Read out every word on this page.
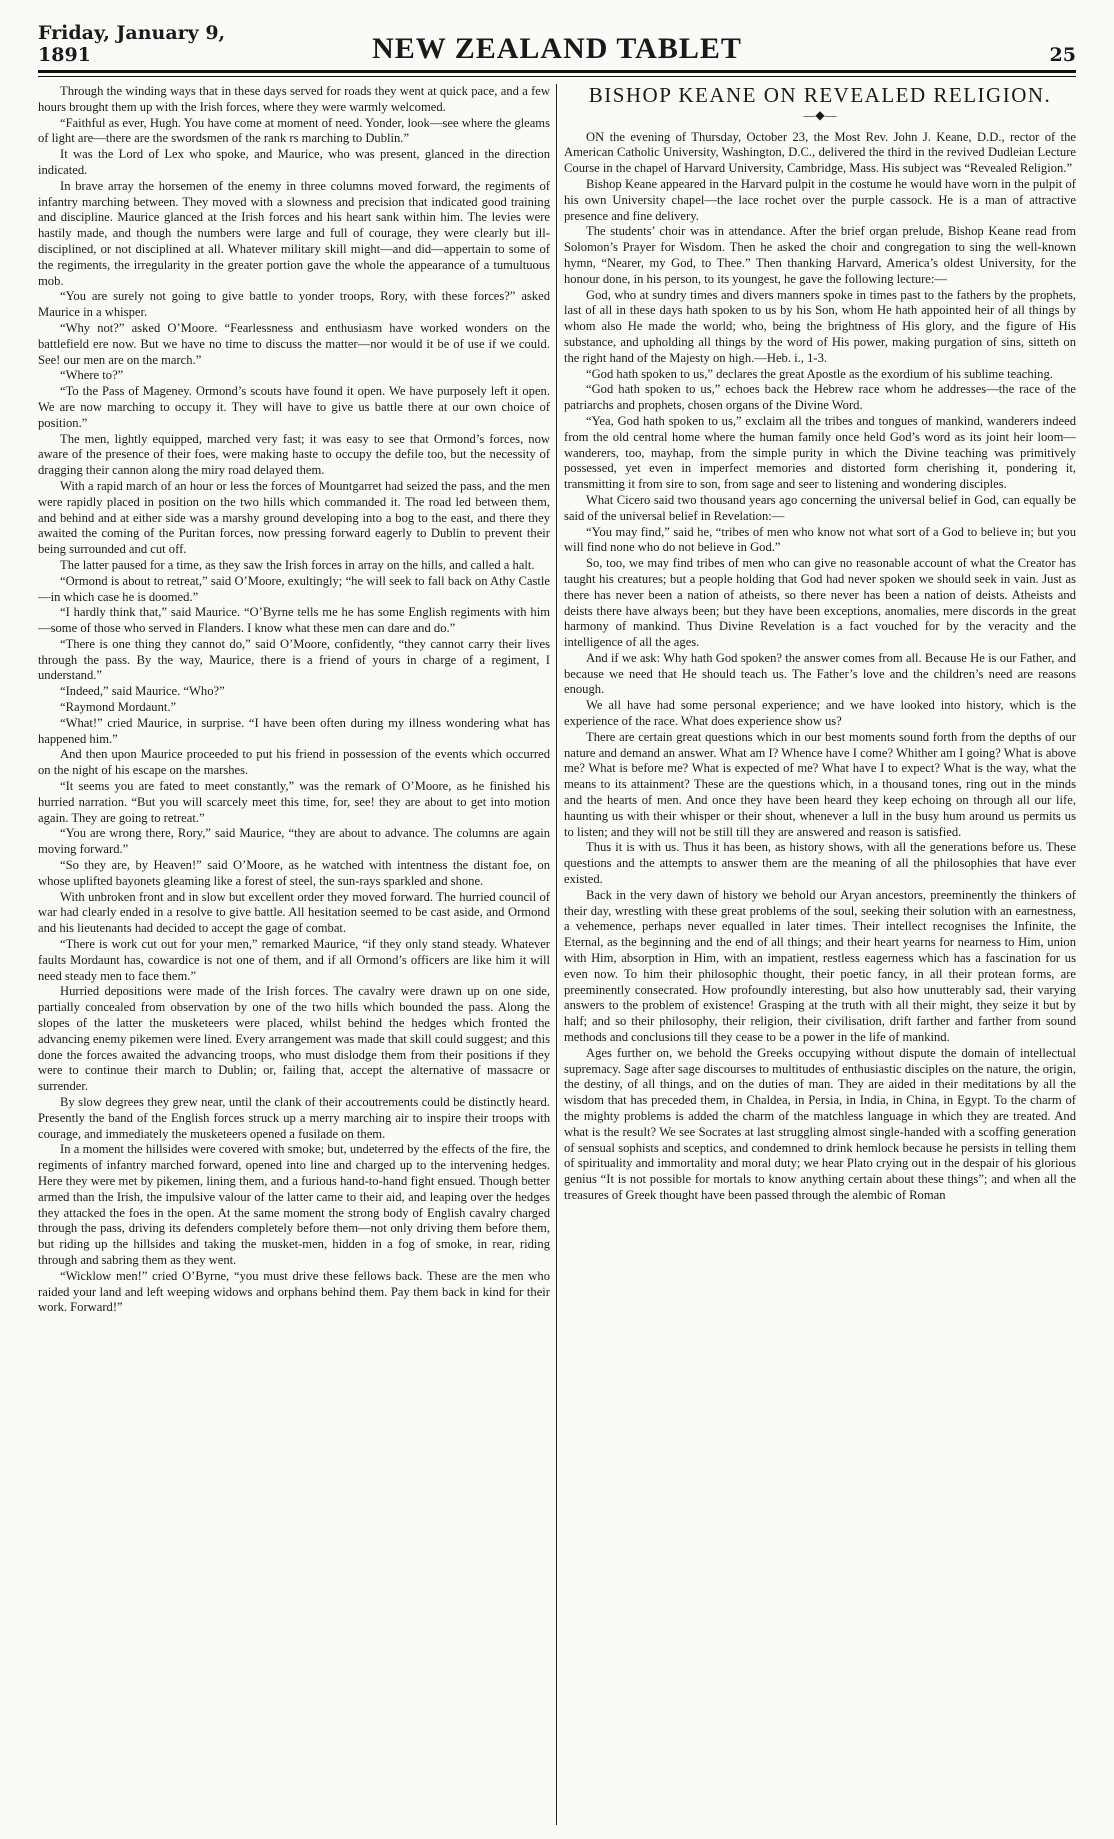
Friday, January 9, 1891	NEW ZEALAND TABLET	25

Through the winding ways that in these days served for roads they went at quick pace, and a few hours brought them up with the Irish forces, where they were warmly welcomed.

“Faithful as ever, Hugh. You have come at moment of need. Yonder, look—see where the gleams of light are—there are the swordsmen of the rank rs marching to Dublin.”

It was the Lord of Lex who spoke, and Maurice, who was present, glanced in the direction indicated.

In brave array the horsemen of the enemy in three columns moved forward, the regiments of infantry marching between. They moved with a slowness and precision that indicated good training and discipline. Maurice glanced at the Irish forces and his heart sank within him. The levies were hastily made, and though the numbers were large and full of courage, they were clearly but ill-disciplined, or not disciplined at all. Whatever military skill might—and did—appertain to some of the regiments, the irregularity in the greater portion gave the whole the appearance of a tumultuous mob.

“You are surely not going to give battle to yonder troops, Rory, with these forces?” asked Maurice in a whisper.

“Why not?” asked O’Moore. “Fearlessness and enthusiasm have worked wonders on the battlefield ere now. But we have no time to discuss the matter—nor would it be of use if we could. See! our men are on the march.”

“Where to?”

“To the Pass of Mageney. Ormond’s scouts have found it open. We have purposely left it open. We are now marching to occupy it. They will have to give us battle there at our own choice of position.”

The men, lightly equipped, marched very fast; it was easy to see that Ormond’s forces, now aware of the presence of their foes, were making haste to occupy the defile too, but the necessity of dragging their cannon along the miry road delayed them.

With a rapid march of an hour or less the forces of Mountgarret had seized the pass, and the men were rapidly placed in position on the two hills which commanded it. The road led between them, and behind and at either side was a marshy ground developing into a bog to the east, and there they awaited the coming of the Puritan forces, now pressing forward eagerly to Dublin to prevent their being surrounded and cut off.

The latter paused for a time, as they saw the Irish forces in array on the hills, and called a halt.

“Ormond is about to retreat,” said O’Moore, exultingly; “he will seek to fall back on Athy Castle—in which case he is doomed.”

“I hardly think that,” said Maurice. “O’Byrne tells me he has some English regiments with him—some of those who served in Flanders. I know what these men can dare and do.”

“There is one thing they cannot do,” said O’Moore, confidently, “they cannot carry their lives through the pass. By the way, Maurice, there is a friend of yours in charge of a regiment, I understand.”

“Indeed,” said Maurice. “Who?”

“Raymond Mordaunt.”

“What!” cried Maurice, in surprise. “I have been often during my illness wondering what has happened him.”

And then upon Maurice proceeded to put his friend in possession of the events which occurred on the night of his escape on the marshes.

“It seems you are fated to meet constantly,” was the remark of O’Moore, as he finished his hurried narration. “But you will scarcely meet this time, for, see! they are about to get into motion again. They are going to retreat.”

“You are wrong there, Rory,” said Maurice, “they are about to advance. The columns are again moving forward.”

“So they are, by Heaven!” said O’Moore, as he watched with intentness the distant foe, on whose uplifted bayonets gleaming like a forest of steel, the sun-rays sparkled and shone.

With unbroken front and in slow but excellent order they moved forward. The hurried council of war had clearly ended in a resolve to give battle. All hesitation seemed to be cast aside, and Ormond and his lieutenants had decided to accept the gage of combat.

“There is work cut out for your men,” remarked Maurice, “if they only stand steady. Whatever faults Mordaunt has, cowardice is not one of them, and if all Ormond’s officers are like him it will need steady men to face them.”

Hurried depositions were made of the Irish forces. The cavalry were drawn up on one side, partially concealed from observation by one of the two hills which bounded the pass. Along the slopes of the latter the musketeers were placed, whilst behind the hedges which fronted the advancing enemy pikemen were lined. Every arrangement was made that skill could suggest; and this done the forces awaited the advancing troops, who must dislodge them from their positions if they were to continue their march to Dublin; or, failing that, accept the alternative of massacre or surrender.

By slow degrees they grew near, until the clank of their accoutrements could be distinctly heard. Presently the band of the English forces struck up a merry marching air to inspire their troops with courage, and immediately the musketeers opened a fusilade on them.

In a moment the hillsides were covered with smoke; but, undeterred by the effects of the fire, the regiments of infantry marched forward, opened into line and charged up to the intervening hedges. Here they were met by pikemen, lining them, and a furious hand-to-hand fight ensued. Though better armed than the Irish, the impulsive valour of the latter came to their aid, and leaping over the hedges they attacked the foes in the open. At the same moment the strong body of English cavalry charged through the pass, driving its defenders completely before them—not only driving them before them, but riding up the hillsides and taking the musket-men, hidden in a fog of smoke, in rear, riding through and sabring them as they went.

“Wicklow men!” cried O’Byrne, “you must drive these fellows back. These are the men who raided your land and left weeping widows and orphans behind them. Pay them back in kind for their work. Forward!”

BISHOP KEANE ON REVEALED RELIGION.
—◆—

ON the evening of Thursday, October 23, the Most Rev. John J. Keane, D.D., rector of the American Catholic University, Washington, D.C., delivered the third in the revived Dudleian Lecture Course in the chapel of Harvard University, Cambridge, Mass. His subject was “Revealed Religion.”

Bishop Keane appeared in the Harvard pulpit in the costume he would have worn in the pulpit of his own University chapel—the lace rochet over the purple cassock. He is a man of attractive presence and fine delivery.

The students’ choir was in attendance. After the brief organ prelude, Bishop Keane read from Solomon’s Prayer for Wisdom. Then he asked the choir and congregation to sing the well-known hymn, “Nearer, my God, to Thee.” Then thanking Harvard, America’s oldest University, for the honour done, in his person, to its youngest, he gave the following lecture:—

God, who at sundry times and divers manners spoke in times past to the fathers by the prophets, last of all in these days hath spoken to us by his Son, whom He hath appointed heir of all things by whom also He made the world; who, being the brightness of His glory, and the figure of His substance, and upholding all things by the word of His power, making purgation of sins, sitteth on the right hand of the Majesty on high.—Heb. i., 1-3.

“God hath spoken to us,” declares the great Apostle as the exordium of his sublime teaching.

“God hath spoken to us,” echoes back the Hebrew race whom he addresses—the race of the patriarchs and prophets, chosen organs of the Divine Word.

“Yea, God hath spoken to us,” exclaim all the tribes and tongues of mankind, wanderers indeed from the old central home where the human family once held God’s word as its joint heir loom—wanderers, too, mayhap, from the simple purity in which the Divine teaching was primitively possessed, yet even in imperfect memories and distorted form cherishing it, pondering it, transmitting it from sire to son, from sage and seer to listening and wondering disciples.

What Cicero said two thousand years ago concerning the universal belief in God, can equally be said of the universal belief in Revelation:—

“You may find,” said he, “tribes of men who know not what sort of a God to believe in; but you will find none who do not believe in God.”

So, too, we may find tribes of men who can give no reasonable account of what the Creator has taught his creatures; but a people holding that God had never spoken we should seek in vain. Just as there has never been a nation of atheists, so there never has been a nation of deists. Atheists and deists there have always been; but they have been exceptions, anomalies, mere discords in the great harmony of mankind. Thus Divine Revelation is a fact vouched for by the veracity and the intelligence of all the ages.

And if we ask: Why hath God spoken? the answer comes from all. Because He is our Father, and because we need that He should teach us. The Father’s love and the children’s need are reasons enough.

We all have had some personal experience; and we have looked into history, which is the experience of the race. What does experience show us?

There are certain great questions which in our best moments sound forth from the depths of our nature and demand an answer. What am I? Whence have I come? Whither am I going? What is above me? What is before me? What is expected of me? What have I to expect? What is the way, what the means to its attainment? These are the questions which, in a thousand tones, ring out in the minds and the hearts of men. And once they have been heard they keep echoing on through all our life, haunting us with their whisper or their shout, whenever a lull in the busy hum around us permits us to listen; and they will not be still till they are answered and reason is satisfied.

Thus it is with us. Thus it has been, as history shows, with all the generations before us. These questions and the attempts to answer them are the meaning of all the philosophies that have ever existed.

Back in the very dawn of history we behold our Aryan ancestors, preeminently the thinkers of their day, wrestling with these great problems of the soul, seeking their solution with an earnestness, a vehemence, perhaps never equalled in later times. Their intellect recognises the Infinite, the Eternal, as the beginning and the end of all things; and their heart yearns for nearness to Him, union with Him, absorption in Him, with an impatient, restless eagerness which has a fascination for us even now. To him their philosophic thought, their poetic fancy, in all their protean forms, are preeminently consecrated. How profoundly interesting, but also how unutterably sad, their varying answers to the problem of existence! Grasping at the truth with all their might, they seize it but by half; and so their philosophy, their religion, their civilisation, drift farther and farther from sound methods and conclusions till they cease to be a power in the life of mankind.

Ages further on, we behold the Greeks occupying without dispute the domain of intellectual supremacy. Sage after sage discourses to multitudes of enthusiastic disciples on the nature, the origin, the destiny, of all things, and on the duties of man. They are aided in their meditations by all the wisdom that has preceded them, in Chaldea, in Persia, in India, in China, in Egypt. To the charm of the mighty problems is added the charm of the matchless language in which they are treated. And what is the result? We see Socrates at last struggling almost single-handed with a scoffing generation of sensual sophists and sceptics, and condemned to drink hemlock because he persists in telling them of spirituality and immortality and moral duty; we hear Plato crying out in the despair of his glorious genius “It is not possible for mortals to know anything certain about these things”; and when all the treasures of Greek thought have been passed through the alembic of Roman
